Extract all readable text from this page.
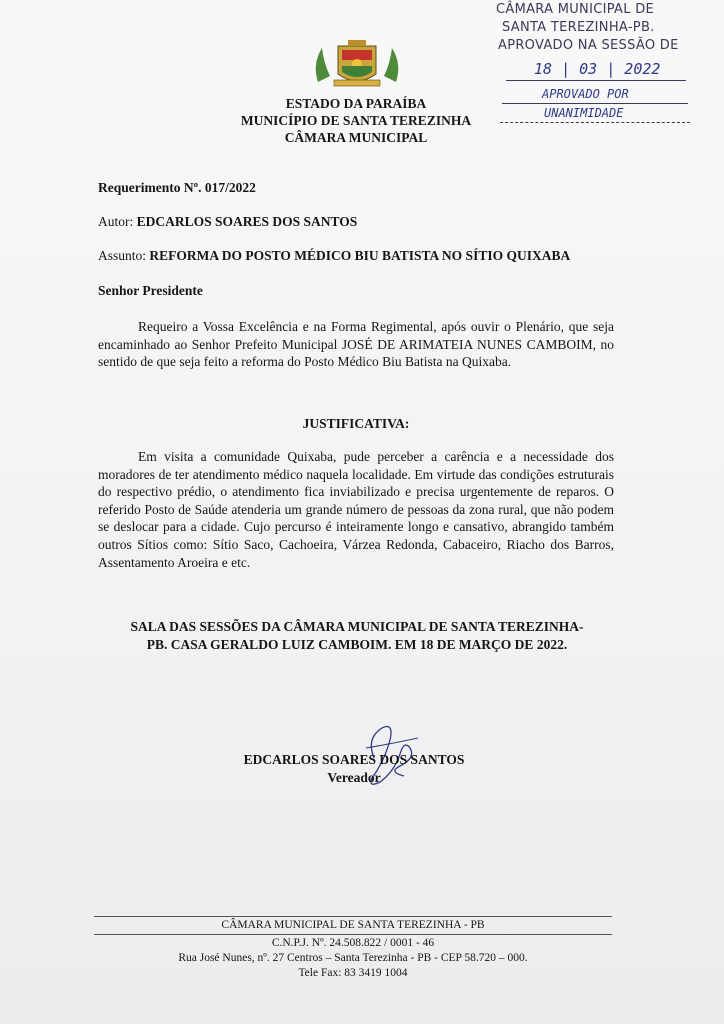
ESTADO DA PARAÍBA
MUNICÍPIO DE SANTA TEREZINHA
CÂMARA MUNICIPAL
CÂMARA MUNICIPAL DE
SANTA TEREZINHA-PB.
APROVADO NA SESSÃO DE
18 | 03 | 2022
APROVADO POR
UNANIMIDADE
Requerimento Nº. 017/2022
Autor: EDCARLOS SOARES DOS SANTOS
Assunto: REFORMA DO POSTO MÉDICO BIU BATISTA NO SÍTIO QUIXABA
Senhor Presidente
Requeiro a Vossa Excelência e na Forma Regimental, após ouvir o Plenário, que seja encaminhado ao Senhor Prefeito Municipal JOSÉ DE ARIMATEIA NUNES CAMBOIM, no sentido de que seja feito a reforma do Posto Médico Biu Batista na Quixaba.
JUSTIFICATIVA:
Em visita a comunidade Quixaba, pude perceber a carência e a necessidade dos moradores de ter atendimento médico naquela localidade. Em virtude das condições estruturais do respectivo prédio, o atendimento fica inviabilizado e precisa urgentemente de reparos. O referido Posto de Saúde atenderia um grande número de pessoas da zona rural, que não podem se deslocar para a cidade. Cujo percurso é inteiramente longo e cansativo, abrangido também outros Sítios como: Sítio Saco, Cachoeira, Várzea Redonda, Cabaceiro, Riacho dos Barros, Assentamento Aroeira e etc.
SALA DAS SESSÕES DA CÂMARA MUNICIPAL DE SANTA TEREZINHA-
PB. CASA GERALDO LUIZ CAMBOIM. EM 18 DE MARÇO DE 2022.
EDCARLOS SOARES DOS SANTOS
Vereador
CÂMARA MUNICIPAL DE SANTA TEREZINHA - PB
C.N.P.J. Nº. 24.508.822 / 0001 - 46
Rua José Nunes, nº. 27 Centros – Santa Terezinha - PB - CEP 58.720 – 000.
Tele Fax: 83 3419 1004
